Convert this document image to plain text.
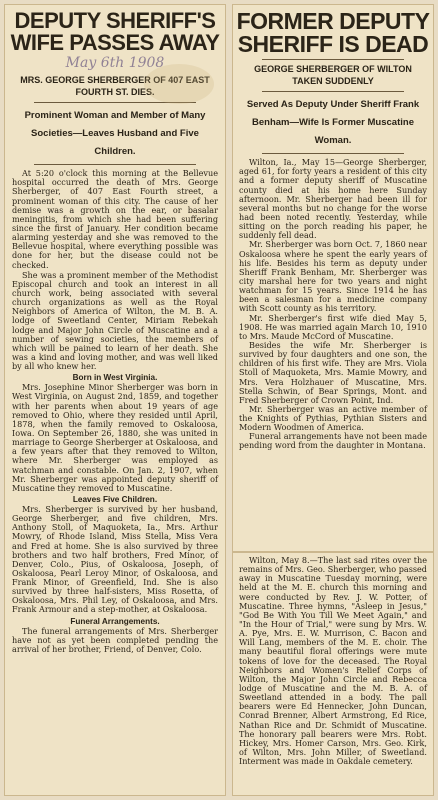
DEPUTY SHERIFF'S WIFE PASSES AWAY
May 6th 1908
MRS. GEORGE SHERBERGER OF 407 EAST FOURTH ST. DIES.
Prominent Woman and Member of Many Societies—Leaves Husband and Five Children.

At 5:20 o'clock this morning at the Bellevue hospital occurred the death of Mrs. George Sherberger, of 407 East Fourth street, a prominent woman of this city. The cause of her demise was a growth on the ear, or basalar meningitis, from which she had been suffering since the first of January. Her condition became alarming yesterday and she was removed to the Bellevue hospital, where everything possible was done for her, but the disease could not be checked.

She was a prominent member of the Methodist Episcopal church and took an interest in all church work, being associated with several church organizations as well as the Royal Neighbors of America of Wilton, the M. B. A. lodge of Sweetland Center, Miriam Rebekah lodge and Major John Circle of Muscatine and a number of sewing societies, the members of which will be pained to learn of her death. She was a kind and loving mother, and was well liked by all who knew her.

Born in West Virginia.

Mrs. Josephine Minor Sherberger was born in West Virginia, on August 2nd, 1859, and together with her parents when about 19 years of age removed to Ohio, where they resided until April, 1878, when the family removed to Oskaloosa, Iowa. On September 26, 1880, she was united in marriage to George Sherberger at Oskaloosa, and a few years after that they removed to Wilton, where Mr. Sherberger was employed as watchman and constable. On Jan. 2, 1907, when Mr. Sherberger was appointed deputy sheriff of Muscatine they removed to Muscatine.

Leaves Five Children.

Mrs. Sherberger is survived by her husband, George Sherberger, and five children, Mrs. Anthony Stoll, of Maquoketa, Ia., Mrs. Arthur Mowry, of Rhode Island, Miss Stella, Miss Vera and Fred at home. She is also survived by three brothers and two half brothers, Fred Minor, of Denver, Colo., Pius, of Oskaloosa, Joseph, of Oskaloosa, Pearl Leroy Minor, of Oskaloosa, and Frank Minor, of Greenfield, Ind. She is also survived by three half-sisters, Miss Rosetta, of Oskaloosa, Mrs. Phil Ley, of Oskaloosa, and Mrs. Frank Armour and a step-mother, at Oskaloosa.

Funeral Arrangements.

The funeral arrangements of Mrs. Sherberger have not as yet been completed pending the arrival of her brother, Friend, of Denver, Colo.

FORMER DEPUTY SHERIFF IS DEAD
GEORGE SHERBERGER OF WILTON TAKEN SUDDENLY
Served As Deputy Under Sheriff Frank Benham—Wife Is Former Muscatine Woman.

Wilton, Ia., May 15—George Sherberger, aged 61, for forty years a resident of this city and a former deputy sheriff of Muscatine county died at his home here Sunday afternoon. Mr. Sherberger had been ill for several months but no change for the worse had been noted recently. Yesterday, while sitting on the porch reading his paper, he suddenly fell dead.

Mr. Sherberger was born Oct. 7, 1860 near Oskaloosa where he spent the early years of his life. Besides his term as deputy under Sheriff Frank Benham, Mr. Sherberger was city marshal here for two years and night watchman for 15 years. Since 1914 he has been a salesman for a medicine company with Scott county as his territory.

Mr. Sherberger's first wife died May 5, 1908. He was married again March 10, 1910 to Mrs. Maude McCord of Muscatine.

Besides the wife Mr. Sherberger is survived by four daughters and one son, the children of his first wife. They are Mrs. Viola Stoll of Maquoketa, Mrs. Mamie Mowry, and Mrs. Vera Holzhauer of Muscatine, Mrs. Stella Schwin, of Bear Springs, Mont. and Fred Sherberger of Crown Point, Ind.

Mr. Sherberger was an active member of the Knights of Pythias, Pythian Sisters and Modern Woodmen of America.

Funeral arrangements have not been made pending word from the daughter in Montana.

Wilton, May 8.—The last sad rites over the remains of Mrs. Geo. Sherberger, who passed away in Muscatine Tuesday morning, were held at the M. E. church this morning and were conducted by Rev. J. W. Potter, of Muscatine. Three hymns, "Asleep in Jesus," "God Be With You Till We Meet Again," and "In the Hour of Trial," were sung by Mrs. W. A. Pye, Mrs. E. W. Murrison, C. Bacon and Will Lang, members of the M. E. choir. The many beautiful floral offerings were mute tokens of love for the deceased. The Royal Neighbors and Women's Relief Corps of Wilton, the Major John Circle and Rebecca lodge of Muscatine and the M. B. A. of Sweetland attended in a body. The pall bearers were Ed Hennecker, John Duncan, Conrad Brenner, Albert Armstrong, Ed Rice, Nathan Rice and Dr. Schmidt of Muscatine. The honorary pall bearers were Mrs. Robt. Hickey, Mrs. Homer Carson, Mrs. Geo. Kirk, of Wilton, Mrs. John Miller, of Sweetland. Interment was made in Oakdale cemetery.
